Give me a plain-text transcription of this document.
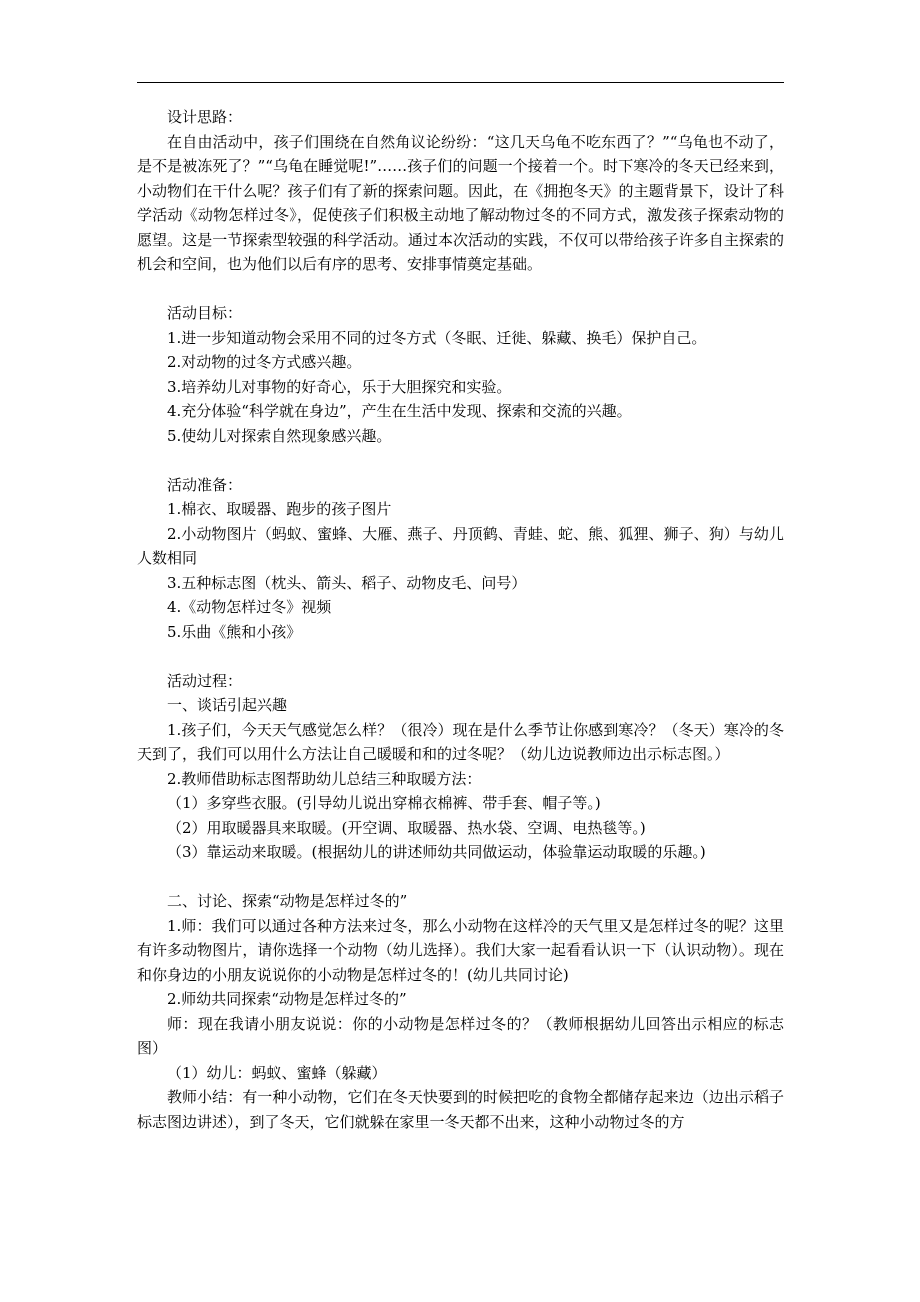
设计思路：

在自由活动中，孩子们围绕在自然角议论纷纷：“这几天乌龟不吃东西了？”“乌龟也不动了，是不是被冻死了？”“乌龟在睡觉呢!”……孩子们的问题一个接着一个。时下寒冷的冬天已经来到，小动物们在干什么呢？孩子们有了新的探索问题。因此，在《拥抱冬天》的主题背景下，设计了科学活动《动物怎样过冬》，促使孩子们积极主动地了解动物过冬的不同方式，激发孩子探索动物的愿望。这是一节探索型较强的科学活动。通过本次活动的实践，不仅可以带给孩子许多自主探索的机会和空间，也为他们以后有序的思考、安排事情奠定基础。

活动目标：

1.进一步知道动物会采用不同的过冬方式（冬眠、迁徙、躲藏、换毛）保护自己。

2.对动物的过冬方式感兴趣。

3.培养幼儿对事物的好奇心，乐于大胆探究和实验。

4.充分体验“科学就在身边”，产生在生活中发现、探索和交流的兴趣。

5.使幼儿对探索自然现象感兴趣。

活动准备：

1.棉衣、取暖器、跑步的孩子图片

2.小动物图片（蚂蚁、蜜蜂、大雁、燕子、丹顶鹤、青蛙、蛇、熊、狐狸、狮子、狗）与幼儿人数相同

3.五种标志图（枕头、箭头、稻子、动物皮毛、问号）

4.《动物怎样过冬》视频

5.乐曲《熊和小孩》

活动过程：

一、谈话引起兴趣

1.孩子们，今天天气感觉怎么样？（很冷）现在是什么季节让你感到寒冷？（冬天）寒冷的冬天到了，我们可以用什么方法让自己暖暖和和的过冬呢？（幼儿边说教师边出示标志图。）

2.教师借助标志图帮助幼儿总结三种取暖方法：

（1）多穿些衣服。(引导幼儿说出穿棉衣棉裤、带手套、帽子等。)

（2）用取暖器具来取暖。(开空调、取暖器、热水袋、空调、电热毯等。)

（3）靠运动来取暖。(根据幼儿的讲述师幼共同做运动，体验靠运动取暖的乐趣。)

二、讨论、探索“动物是怎样过冬的”

1.师：我们可以通过各种方法来过冬，那么小动物在这样冷的天气里又是怎样过冬的呢？这里有许多动物图片，请你选择一个动物（幼儿选择）。我们大家一起看看认识一下（认识动物）。现在和你身边的小朋友说说你的小动物是怎样过冬的！(幼儿共同讨论)

2.师幼共同探索“动物是怎样过冬的”

师：现在我请小朋友说说：你的小动物是怎样过冬的？（教师根据幼儿回答出示相应的标志图）

（1）幼儿：蚂蚁、蜜蜂（躲藏）

教师小结：有一种小动物，它们在冬天快要到的时候把吃的食物全都储存起来边（边出示稻子标志图边讲述），到了冬天，它们就躲在家里一冬天都不出来，这种小动物过冬的方
